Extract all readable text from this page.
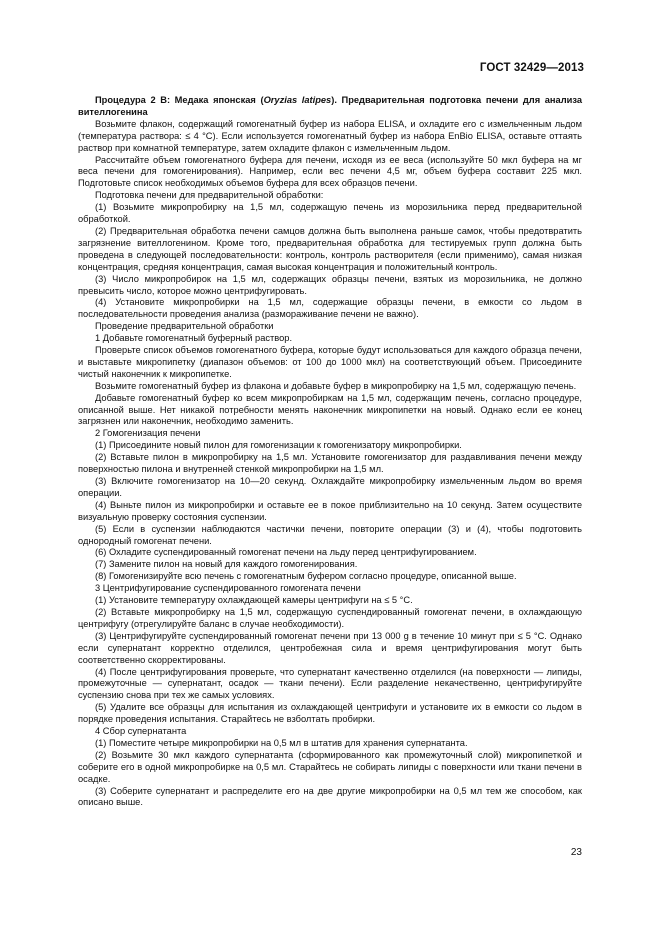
ГОСТ 32429—2013

Процедура 2 В: Медака японская (Oryzias latipes). Предварительная подготовка печени для анализа вителлогенина

Возьмите флакон, содержащий гомогенатный буфер из набора ELISA, и охладите его с измельченным льдом (температура раствора: ≤ 4 °С). Если используется гомогенатный буфер из набора EnBio ELISA, оставьте оттаять раствор при комнатной температуре, затем охладите флакон с измельченным льдом.

Рассчитайте объем гомогенатного буфера для печени, исходя из ее веса (используйте 50 мкл буфера на мг веса печени для гомогенирования). Например, если вес печени 4,5 мг, объем буфера составит 225 мкл. Подготовьте список необходимых объемов буфера для всех образцов печени.

Подготовка печени для предварительной обработки:

(1) Возьмите микропробирку на 1,5 мл, содержащую печень из морозильника перед предварительной обработкой.

(2) Предварительная обработка печени самцов должна быть выполнена раньше самок, чтобы предотвратить загрязнение вителлогенином. Кроме того, предварительная обработка для тестируемых групп должна быть проведена в следующей последовательности: контроль, контроль растворителя (если применимо), самая низкая концентрация, средняя концентрация, самая высокая концентрация и положительный контроль.

(3) Число микропробирок на 1,5 мл, содержащих образцы печени, взятых из морозильника, не должно превысить число, которое можно центрифугировать.

(4) Установите микропробирки на 1,5 мл, содержащие образцы печени, в емкости со льдом в последовательности проведения анализа (размораживание печени не важно).

Проведение предварительной обработки

1 Добавьте гомогенатный буферный раствор.

Проверьте список объемов гомогенатного буфера, которые будут использоваться для каждого образца печени, и выставьте микропипетку (диапазон объемов: от 100 до 1000 мкл) на соответствующий объем. Присоедините чистый наконечник к микропипетке.

Возьмите гомогенатный буфер из флакона и добавьте буфер в микропробирку на 1,5 мл, содержащую печень.

Добавьте гомогенатный буфер ко всем микропробиркам на 1,5 мл, содержащим печень, согласно процедуре, описанной выше. Нет никакой потребности менять наконечник микропипетки на новый. Однако если ее конец загрязнен или наконечник, необходимо заменить.

2 Гомогенизация печени

(1) Присоедините новый пилон для гомогенизации к гомогенизатору микропробирки.

(2) Вставьте пилон в микропробирку на 1,5 мл. Установите гомогенизатор для раздавливания печени между поверхностью пилона и внутренней стенкой микропробирки на 1,5 мл.

(3) Включите гомогенизатор на 10—20 секунд. Охлаждайте микропробирку измельченным льдом во время операции.

(4) Выньте пилон из микропробирки и оставьте ее в покое приблизительно на 10 секунд. Затем осуществите визуальную проверку состояния суспензии.

(5) Если в суспензии наблюдаются частички печени, повторите операции (3) и (4), чтобы подготовить однородный гомогенат печени.

(6) Охладите суспендированный гомогенат печени на льду перед центрифугированием.

(7) Замените пилон на новый для каждого гомогенирования.

(8) Гомогенизируйте всю печень с гомогенатным буфером согласно процедуре, описанной выше.

3 Центрифугирование суспендированного гомогената печени

(1) Установите температуру охлаждающей камеры центрифуги на ≤ 5 °С.

(2) Вставьте микропробирку на 1,5 мл, содержащую суспендированный гомогенат печени, в охлаждающую центрифугу (отрегулируйте баланс в случае необходимости).

(3) Центрифугируйте суспендированный гомогенат печени при 13 000 g в течение 10 минут при ≤ 5 °С. Однако если супернатант корректно отделился, центробежная сила и время центрифугирования могут быть соответственно скорректированы.

(4) После центрифугирования проверьте, что супернатант качественно отделился (на поверхности — липиды, промежуточные — супернатант, осадок — ткани печени). Если разделение некачественно, центрифугируйте суспензию снова при тех же самых условиях.

(5) Удалите все образцы для испытания из охлаждающей центрифуги и установите их в емкости со льдом в порядке проведения испытания. Старайтесь не взболтать пробирки.

4 Сбор супернатанта

(1) Поместите четыре микропробирки на 0,5 мл в штатив для хранения супернатанта.

(2) Возьмите 30 мкл каждого супернатанта (сформированного как промежуточный слой) микропипеткой и соберите его в одной микропробирке на 0,5 мл. Старайтесь не собирать липиды с поверхности или ткани печени в осадке.

(3) Соберите супернатант и распределите его на две другие микропробирки на 0,5 мл тем же способом, как описано выше.

23
